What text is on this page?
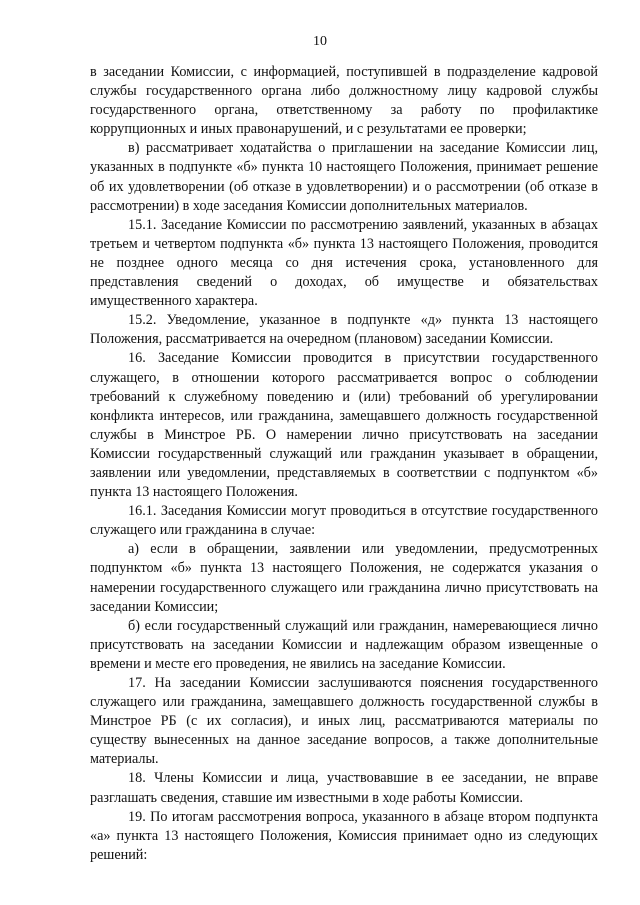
10

в заседании Комиссии, с информацией, поступившей в подразделение кадровой службы государственного органа либо должностному лицу кадровой службы государственного органа, ответственному за работу по профилактике коррупционных и иных правонарушений, и с результатами ее проверки;

в) рассматривает ходатайства о приглашении на заседание Комиссии лиц, указанных в подпункте «б» пункта 10 настоящего Положения, принимает решение об их удовлетворении (об отказе в удовлетворении) и о рассмотрении (об отказе в рассмотрении) в ходе заседания Комиссии дополнительных материалов.

15.1. Заседание Комиссии по рассмотрению заявлений, указанных в абзацах третьем и четвертом подпункта «б» пункта 13 настоящего Положения, проводится не позднее одного месяца со дня истечения срока, установленного для представления сведений о доходах, об имуществе и обязательствах имущественного характера.

15.2. Уведомление, указанное в подпункте «д» пункта 13 настоящего Положения, рассматривается на очередном (плановом) заседании Комиссии.

16. Заседание Комиссии проводится в присутствии государственного служащего, в отношении которого рассматривается вопрос о соблюдении требований к служебному поведению и (или) требований об урегулировании конфликта интересов, или гражданина, замещавшего должность государственной службы в Минстрое РБ. О намерении лично присутствовать на заседании Комиссии государственный служащий или гражданин указывает в обращении, заявлении или уведомлении, представляемых в соответствии с подпунктом «б» пункта 13 настоящего Положения.

16.1. Заседания Комиссии могут проводиться в отсутствие государственного служащего или гражданина в случае:

а) если в обращении, заявлении или уведомлении, предусмотренных подпунктом «б» пункта 13 настоящего Положения, не содержатся указания о намерении государственного служащего или гражданина лично присутствовать на заседании Комиссии;

б) если государственный служащий или гражданин, намеревающиеся лично присутствовать на заседании Комиссии и надлежащим образом извещенные о времени и месте его проведения, не явились на заседание Комиссии.

17. На заседании Комиссии заслушиваются пояснения государственного служащего или гражданина, замещавшего должность государственной службы в Минстрое РБ (с их согласия), и иных лиц, рассматриваются материалы по существу вынесенных на данное заседание вопросов, а также дополнительные материалы.

18. Члены Комиссии и лица, участвовавшие в ее заседании, не вправе разглашать сведения, ставшие им известными в ходе работы Комиссии.

19. По итогам рассмотрения вопроса, указанного в абзаце втором подпункта «а» пункта 13 настоящего Положения, Комиссия принимает одно из следующих решений:
